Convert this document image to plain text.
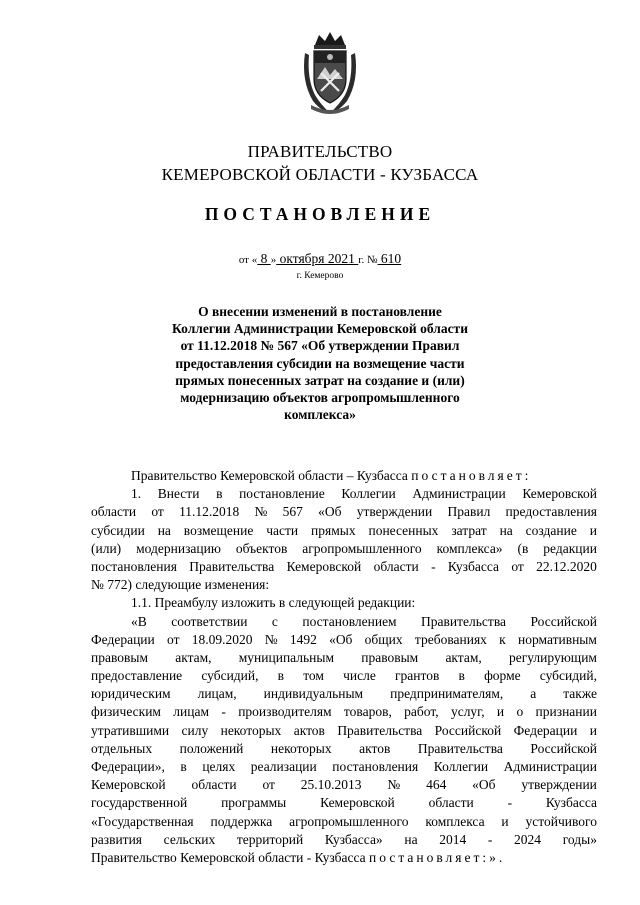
ПРАВИТЕЛЬСТВО
КЕМЕРОВСКОЙ ОБЛАСТИ - КУЗБАССА
ПОСТАНОВЛЕНИЕ
от « 8 » октября 2021 г. № 610
г. Кемерово
О внесении изменений в постановление
Коллегии Администрации Кемеровской области
от 11.12.2018 № 567 «Об утверждении Правил
предоставления субсидии на возмещение части
прямых понесенных затрат на создание и (или)
модернизацию объектов агропромышленного
комплекса»
Правительство Кемеровской области – Кузбасса постановляет:
1. Внести в постановление Коллегии Администрации Кемеровской
области от 11.12.2018 № 567 «Об утверждении Правил предоставления
субсидии на возмещение части прямых понесенных затрат на создание и
(или) модернизацию объектов агропромышленного комплекса» (в редакции
постановления Правительства Кемеровской области - Кузбасса от 22.12.2020
№ 772) следующие изменения:
1.1. Преамбулу изложить в следующей редакции:
«В соответствии с постановлением Правительства Российской
Федерации от 18.09.2020 № 1492 «Об общих требованиях к нормативным
правовым актам, муниципальным правовым актам, регулирующим
предоставление субсидий, в том числе грантов в форме субсидий,
юридическим лицам, индивидуальным предпринимателям, а также
физическим лицам - производителям товаров, работ, услуг, и о признании
утратившими силу некоторых актов Правительства Российской Федерации и
отдельных положений некоторых актов Правительства Российской
Федерации», в целях реализации постановления Коллегии Администрации
Кемеровской области от 25.10.2013 № 464 «Об утверждении
государственной	программы	Кемеровской	области	-	Кузбасса
«Государственная поддержка агропромышленного комплекса и устойчивого
развития сельских территорий Кузбасса» на 2014 - 2024 годы»
Правительство Кемеровской области - Кузбасса постановляет:».
